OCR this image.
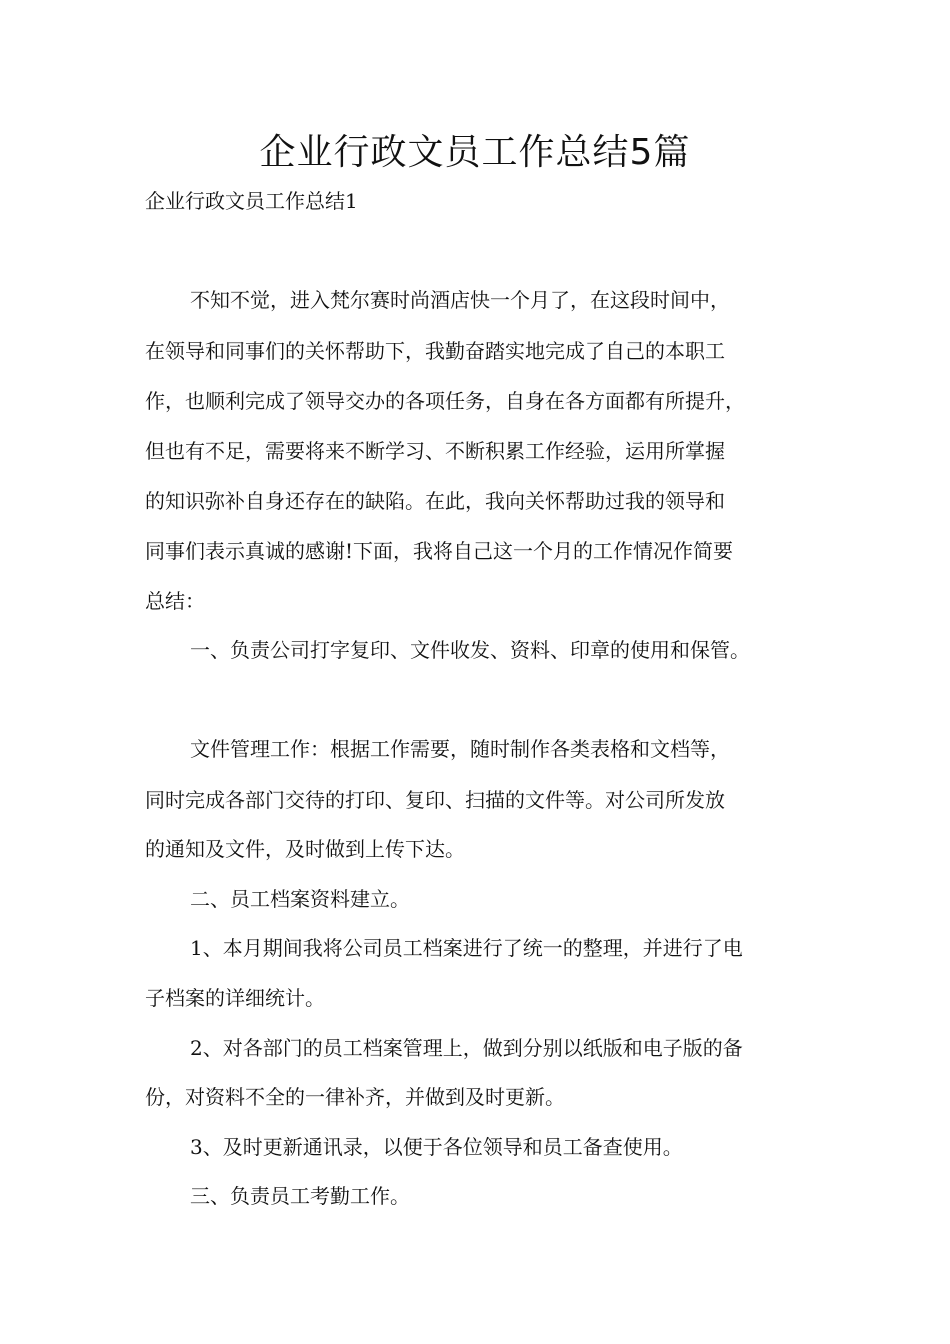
企业行政文员工作总结5篇

企业行政文员工作总结1

不知不觉，进入梵尔赛时尚酒店快一个月了，在这段时间中，

在领导和同事们的关怀帮助下，我勤奋踏实地完成了自己的本职工

作，也顺利完成了领导交办的各项任务，自身在各方面都有所提升，

但也有不足，需要将来不断学习、不断积累工作经验，运用所掌握

的知识弥补自身还存在的缺陷。在此，我向关怀帮助过我的领导和

同事们表示真诚的感谢!下面，我将自己这一个月的工作情况作简要

总结：

一、负责公司打字复印、文件收发、资料、印章的使用和保管。

文件管理工作：根据工作需要，随时制作各类表格和文档等，

同时完成各部门交待的打印、复印、扫描的文件等。对公司所发放

的通知及文件，及时做到上传下达。

二、员工档案资料建立。

1、本月期间我将公司员工档案进行了统一的整理，并进行了电

子档案的详细统计。

2、对各部门的员工档案管理上，做到分别以纸版和电子版的备

份，对资料不全的一律补齐，并做到及时更新。

3、及时更新通讯录，以便于各位领导和员工备查使用。

三、负责员工考勤工作。
